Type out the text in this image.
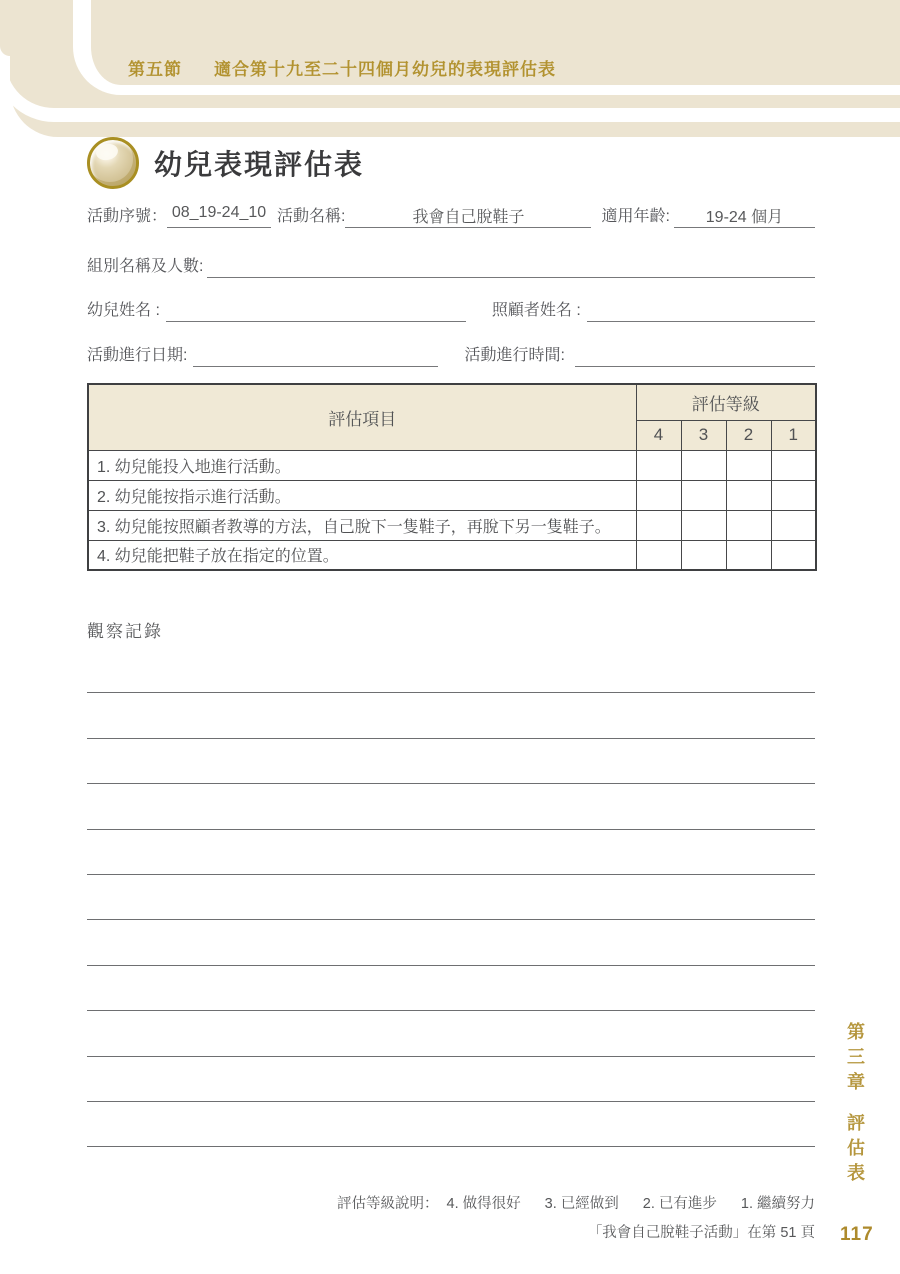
第五節 適合第十九至二十四個月幼兒的表現評估表
幼兒表現評估表
活動序號： 08_19-24_10 活動名稱:	我會自己脫鞋子	適用年齡:	19-24 個月
組別名稱及人數:
幼兒姓名 :	照顧者姓名 :
活動進行日期:	活動進行時間:
評估項目	評估等級			
	4	3	2	1
1. 幼兒能投入地進行活動。				
2. 幼兒能按指示進行活動。				
3. 幼兒能按照顧者教導的方法，自己脫下一隻鞋子，再脫下另一隻鞋子。				
4. 幼兒能把鞋子放在指定的位置。				
觀察記錄
第三章評估表
評估等級說明： 4. 做得很好 3. 已經做到 2. 已有進步 1. 繼續努力
「我會自己脫鞋子活動」在第 51 頁 117
